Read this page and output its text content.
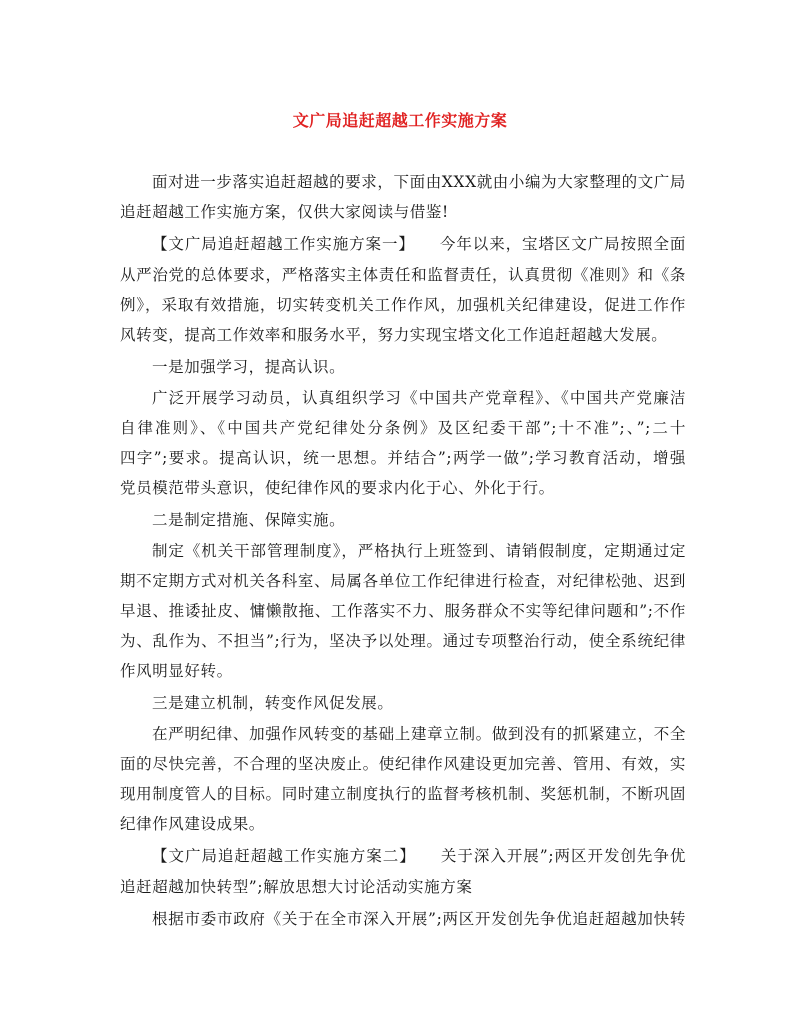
文广局追赶超越工作实施方案
面对进一步落实追赶超越的要求，下面由XXX就由小编为大家整理的文广局
追赶超越工作实施方案，仅供大家阅读与借鉴!
【文广局追赶超越工作实施方案一】　　今年以来，宝塔区文广局按照全面
从严治党的总体要求，严格落实主体责任和监督责任，认真贯彻《准则》和《条
例》，采取有效措施，切实转变机关工作作风，加强机关纪律建设，促进工作作
风转变，提高工作效率和服务水平，努力实现宝塔文化工作追赶超越大发展。
一是加强学习，提高认识。
广泛开展学习动员，认真组织学习《中国共产党章程》、《中国共产党廉洁
自律准则》、《中国共产党纪律处分条例》及区纪委干部”;十不准”;、”;二十
四字”;要求。提高认识，统一思想。并结合”;两学一做”;学习教育活动，增强
党员模范带头意识，使纪律作风的要求内化于心、外化于行。
二是制定措施、保障实施。
制定《机关干部管理制度》，严格执行上班签到、请销假制度，定期通过定
期不定期方式对机关各科室、局属各单位工作纪律进行检查，对纪律松弛、迟到
早退、推诿扯皮、慵懒散拖、工作落实不力、服务群众不实等纪律问题和”;不作
为、乱作为、不担当”;行为，坚决予以处理。通过专项整治行动，使全系统纪律
作风明显好转。
三是建立机制，转变作风促发展。
在严明纪律、加强作风转变的基础上建章立制。做到没有的抓紧建立，不全
面的尽快完善，不合理的坚决废止。使纪律作风建设更加完善、管用、有效，实
现用制度管人的目标。同时建立制度执行的监督考核机制、奖惩机制，不断巩固
纪律作风建设成果。
【文广局追赶超越工作实施方案二】　　关于深入开展”;两区开发创先争优
追赶超越加快转型”;解放思想大讨论活动实施方案
根据市委市政府《关于在全市深入开展”;两区开发创先争优追赶超越加快转
